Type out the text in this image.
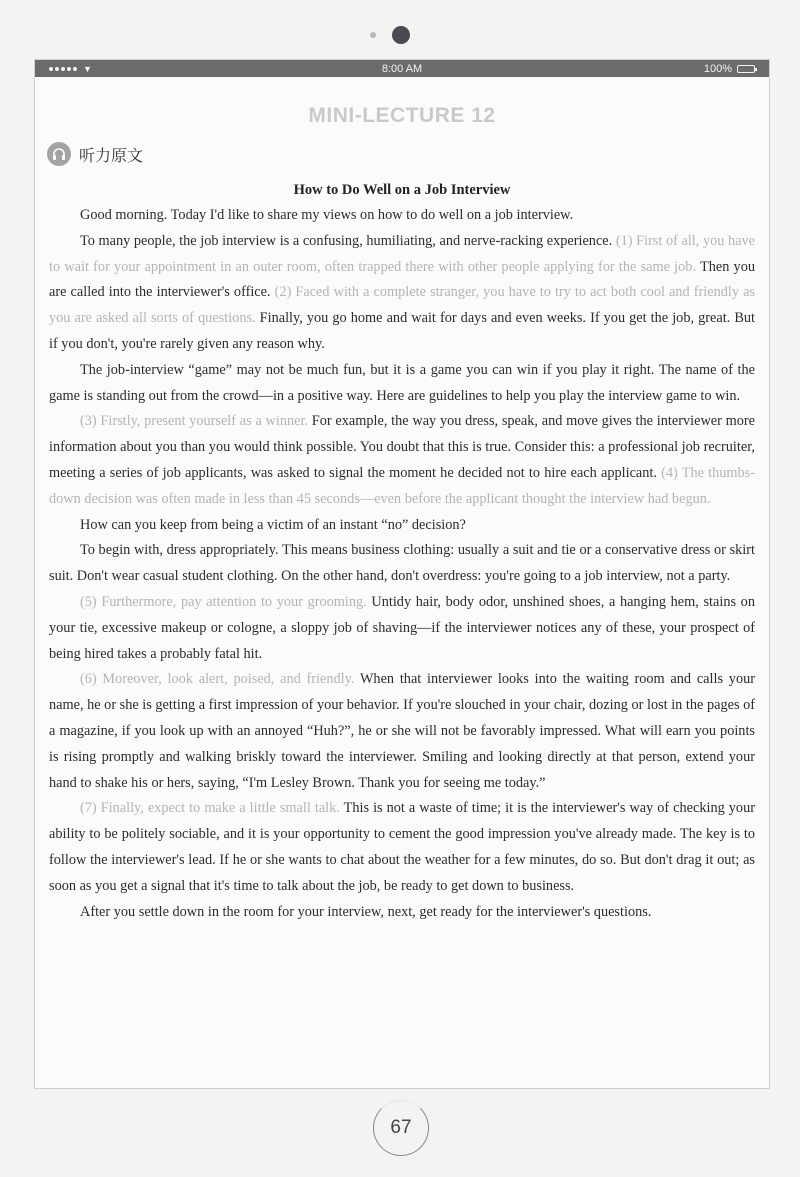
▼	8:00 AM	100%
MINI-LECTURE 12
听力原文
How to Do Well on a Job Interview

Good morning. Today I'd like to share my views on how to do well on a job interview.

To many people, the job interview is a confusing, humiliating, and nerve-racking experience. (1) First of all, you have to wait for your appointment in an outer room, often trapped there with other people applying for the same job. Then you are called into the interviewer's office. (2) Faced with a complete stranger, you have to try to act both cool and friendly as you are asked all sorts of questions. Finally, you go home and wait for days and even weeks. If you get the job, great. But if you don't, you're rarely given any reason why.

The job-interview “game” may not be much fun, but it is a game you can win if you play it right. The name of the game is standing out from the crowd—in a positive way. Here are guidelines to help you play the interview game to win.

(3) Firstly, present yourself as a winner. For example, the way you dress, speak, and move gives the interviewer more information about you than you would think possible. You doubt that this is true. Consider this: a professional job recruiter, meeting a series of job applicants, was asked to signal the moment he decided not to hire each applicant. (4) The thumbs-down decision was often made in less than 45 seconds—even before the applicant thought the interview had begun.

How can you keep from being a victim of an instant “no” decision?

To begin with, dress appropriately. This means business clothing: usually a suit and tie or a conservative dress or skirt suit. Don't wear casual student clothing. On the other hand, don't overdress: you're going to a job interview, not a party.

(5) Furthermore, pay attention to your grooming. Untidy hair, body odor, unshined shoes, a hanging hem, stains on your tie, excessive makeup or cologne, a sloppy job of shaving—if the interviewer notices any of these, your prospect of being hired takes a probably fatal hit.

(6) Moreover, look alert, poised, and friendly. When that interviewer looks into the waiting room and calls your name, he or she is getting a first impression of your behavior. If you're slouched in your chair, dozing or lost in the pages of a magazine, if you look up with an annoyed “Huh?”, he or she will not be favorably impressed. What will earn you points is rising promptly and walking briskly toward the interviewer. Smiling and looking directly at that person, extend your hand to shake his or hers, saying, “I'm Lesley Brown. Thank you for seeing me today.”

(7) Finally, expect to make a little small talk. This is not a waste of time; it is the interviewer's way of checking your ability to be politely sociable, and it is your opportunity to cement the good impression you've already made. The key is to follow the interviewer's lead. If he or she wants to chat about the weather for a few minutes, do so. But don't drag it out; as soon as you get a signal that it's time to talk about the job, be ready to get down to business.

After you settle down in the room for your interview, next, get ready for the interviewer's questions.

67
